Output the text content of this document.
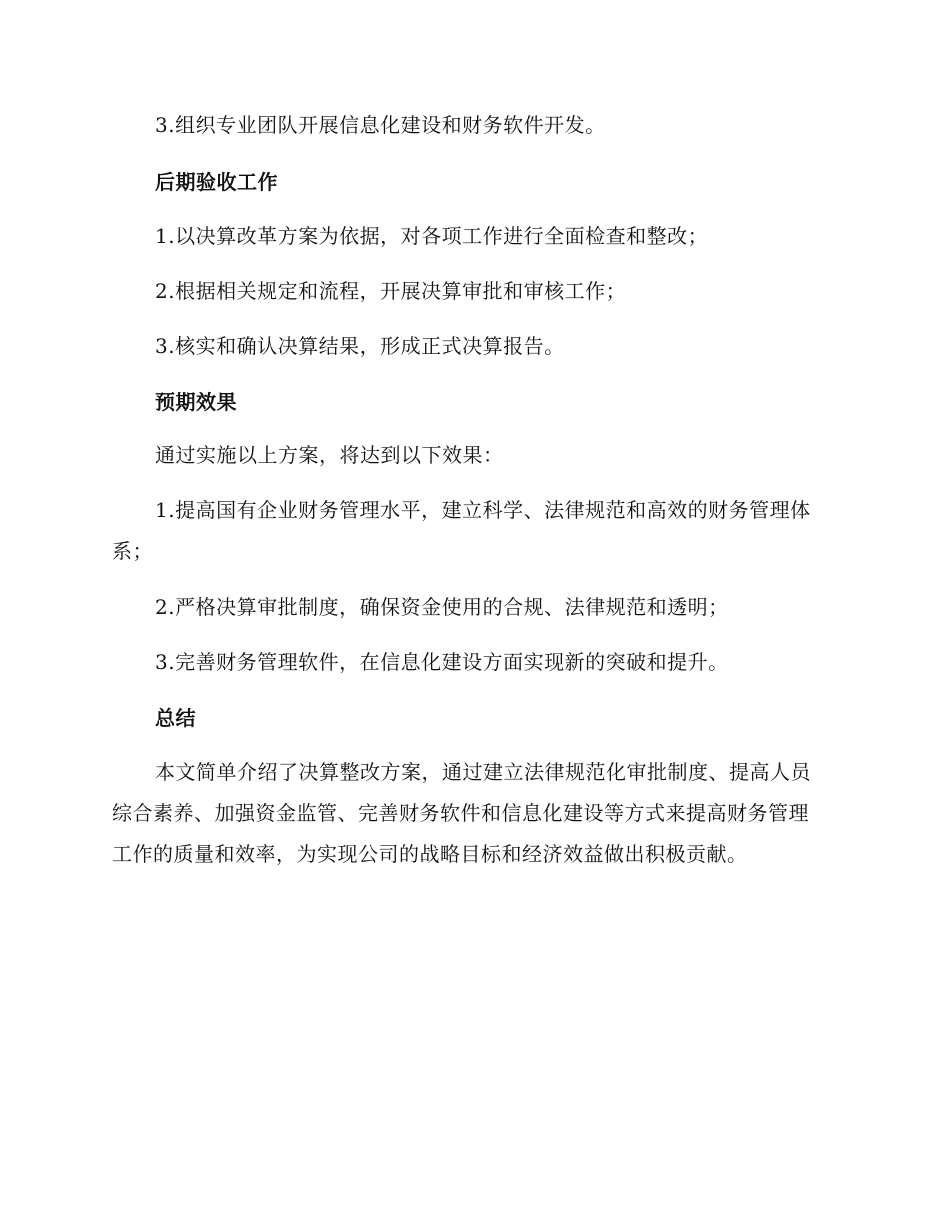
3.组织专业团队开展信息化建设和财务软件开发。

后期验收工作

1.以决算改革方案为依据，对各项工作进行全面检查和整改；

2.根据相关规定和流程，开展决算审批和审核工作；

3.核实和确认决算结果，形成正式决算报告。

预期效果

通过实施以上方案，将达到以下效果：

1.提高国有企业财务管理水平，建立科学、法律规范和高效的财务管理体系；

2.严格决算审批制度，确保资金使用的合规、法律规范和透明；

3.完善财务管理软件，在信息化建设方面实现新的突破和提升。

总结

本文简单介绍了决算整改方案，通过建立法律规范化审批制度、提高人员综合素养、加强资金监管、完善财务软件和信息化建设等方式来提高财务管理工作的质量和效率，为实现公司的战略目标和经济效益做出积极贡献。
